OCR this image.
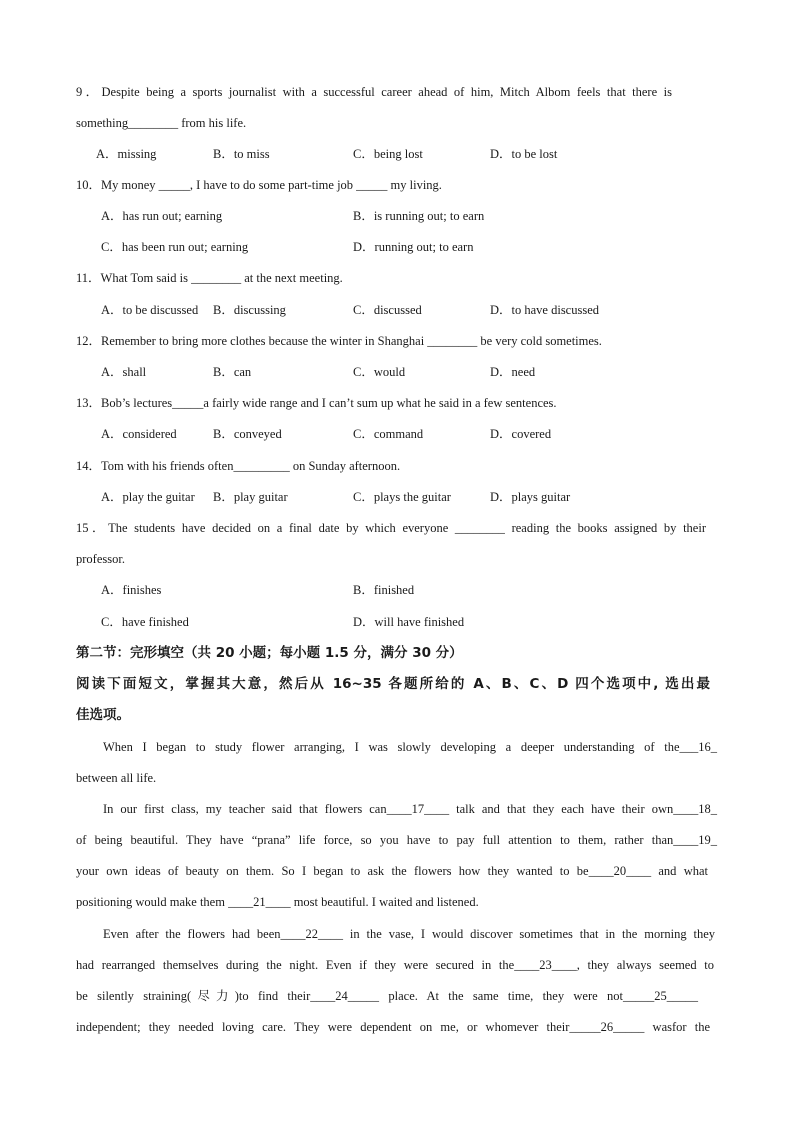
9．Despite being a sports journalist with a successful career ahead of him, Mitch Albom feels that there is
something________ from his life.
A．missing	B．to miss	C．being lost	D．to be lost
10．My money _____, I have to do some part-time job _____ my living.
A．has run out; earning	B．is running out; to earn
C．has been run out; earning	D．running out; to earn
11．What Tom said is ________ at the next meeting.
A．to be discussed B．discussing	C．discussed	D．to have discussed
12．Remember to bring more clothes because the winter in Shanghai ________ be very cold sometimes.
A．shall	B．can	C．would	D．need
13．Bob’s lectures_____a fairly wide range and I can’t sum up what he said in a few sentences.
A．considered	B．conveyed	C．command	D．covered
14．Tom with his friends often_________ on Sunday afternoon.
A．play the guitar B．play guitar	C．plays the guitar	D．plays guitar
15．The students have decided on a final date by which everyone ________ reading the books assigned by their
professor.
A．finishes	B．finished
C．have finished	D．will have finished
第二节：完形填空（共 20 小题；每小题 1.5 分，满分 30 分）
阅读下面短文，掌握其大意，然后从 16~35 各题所给的 A、B、C、D 四个选项中, 选出最
佳选项。
When I began to study flower arranging, I was slowly developing a deeper understanding of the___16_
between all life.
In our first class, my teacher said that flowers can____17____ talk and that they each have their own____18_
of being beautiful. They have “prana” life force, so you have to pay full attention to them, rather than____19_
your own ideas of beauty on them. So I began to ask the flowers how they wanted to be____20____ and what
positioning would make them ____21____ most beautiful. I waited and listened.
Even after the flowers had been____22____ in the vase, I would discover sometimes that in the morning they
had rearranged themselves during the night. Even if they were secured in the____23____, they always seemed to
be silently straining(尽力)to find their____24_____ place. At the same time, they were not_____25_____
independent; they needed loving care. They were dependent on me, or whomever their_____26_____ wasfor the
